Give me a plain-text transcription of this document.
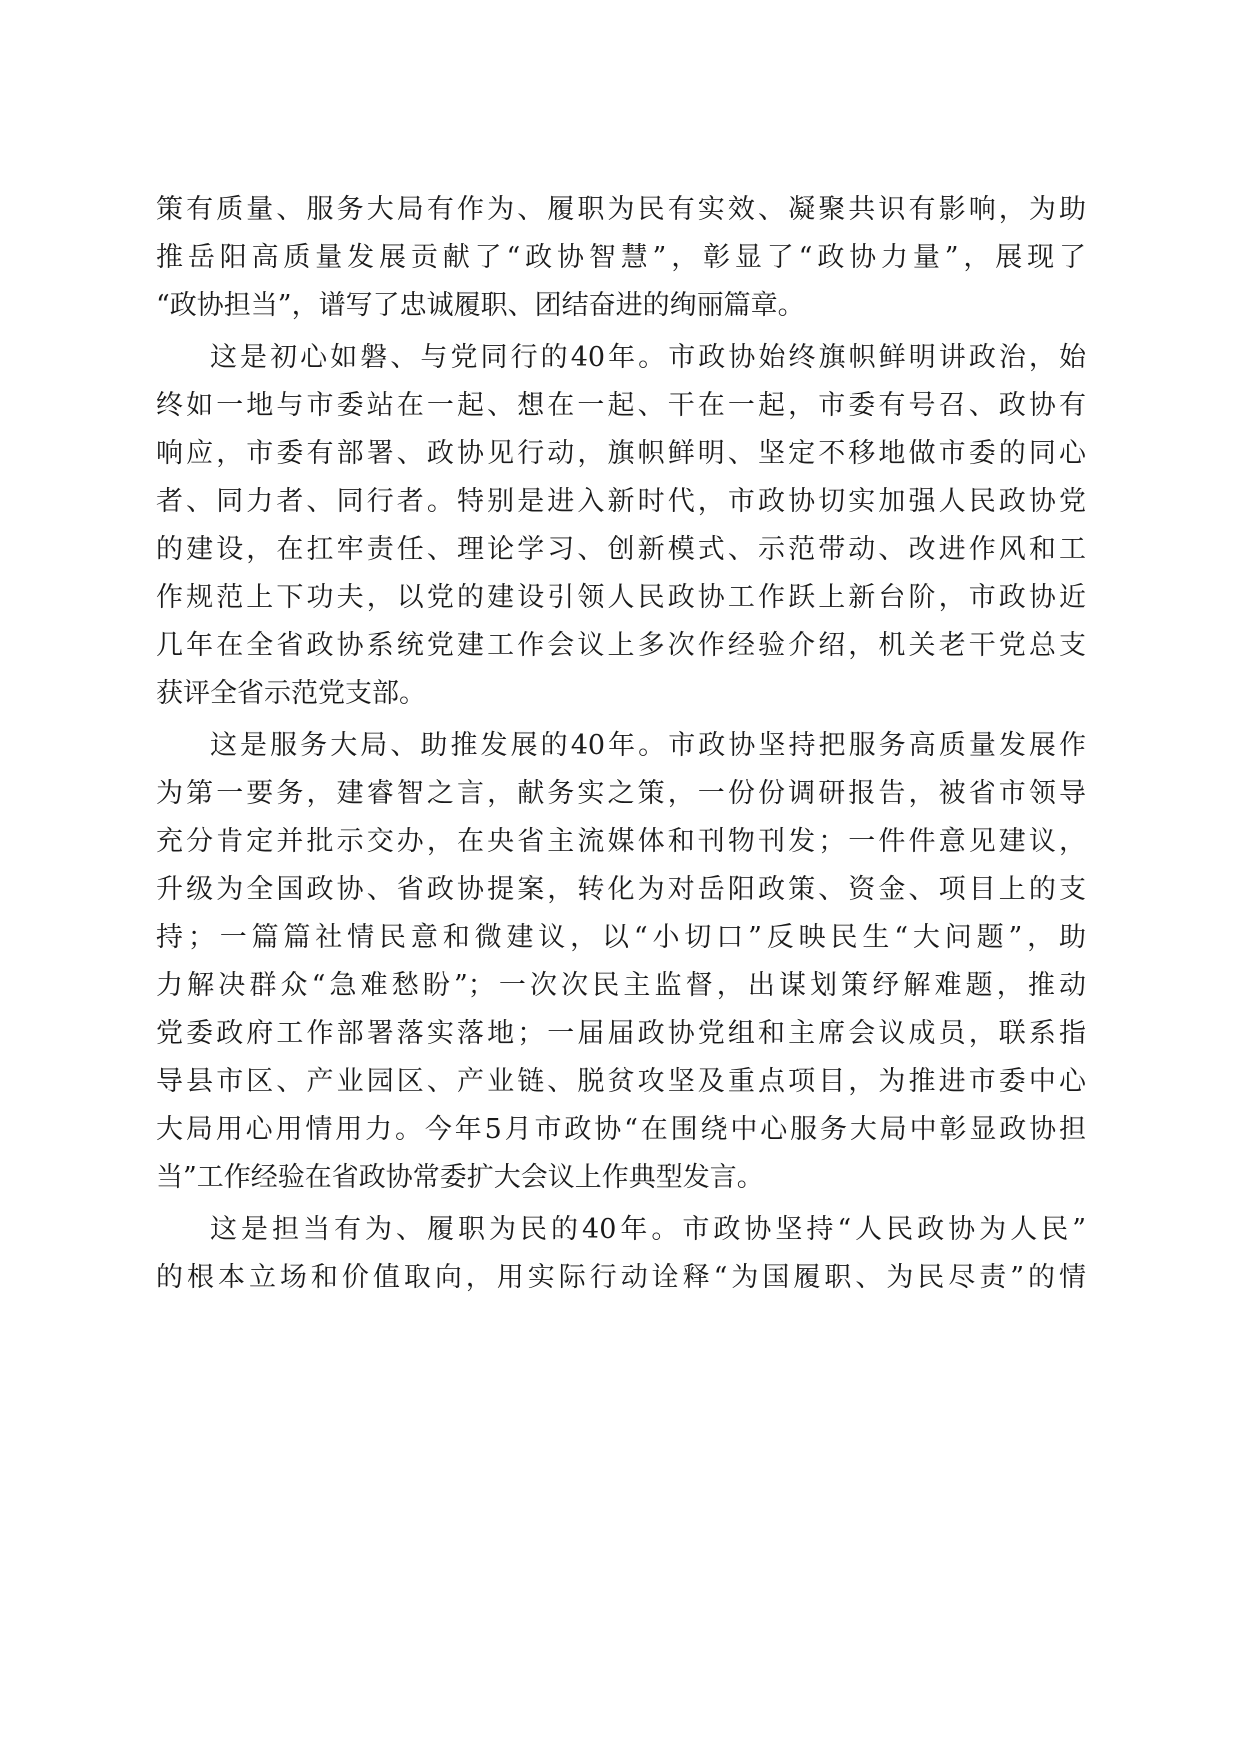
策有质量、服务大局有作为、履职为民有实效、凝聚共识有影响，为助
推岳阳高质量发展贡献了“政协智慧”，彰显了“政协力量”，展现了
“政协担当”，谱写了忠诚履职、团结奋进的绚丽篇章。
这是初心如磐、与党同行的40年。市政协始终旗帜鲜明讲政治，始
终如一地与市委站在一起、想在一起、干在一起，市委有号召、政协有
响应，市委有部署、政协见行动，旗帜鲜明、坚定不移地做市委的同心
者、同力者、同行者。特别是进入新时代，市政协切实加强人民政协党
的建设，在扛牢责任、理论学习、创新模式、示范带动、改进作风和工
作规范上下功夫，以党的建设引领人民政协工作跃上新台阶，市政协近
几年在全省政协系统党建工作会议上多次作经验介绍，机关老干党总支
获评全省示范党支部。
这是服务大局、助推发展的40年。市政协坚持把服务高质量发展作
为第一要务，建睿智之言，献务实之策，一份份调研报告，被省市领导
充分肯定并批示交办，在央省主流媒体和刊物刊发；一件件意见建议，
升级为全国政协、省政协提案，转化为对岳阳政策、资金、项目上的支
持；一篇篇社情民意和微建议，以“小切口”反映民生“大问题”，助
力解决群众“急难愁盼”；一次次民主监督，出谋划策纾解难题，推动
党委政府工作部署落实落地；一届届政协党组和主席会议成员，联系指
导县市区、产业园区、产业链、脱贫攻坚及重点项目，为推进市委中心
大局用心用情用力。今年5月市政协“在围绕中心服务大局中彰显政协担
当”工作经验在省政协常委扩大会议上作典型发言。
这是担当有为、履职为民的40年。市政协坚持“人民政协为人民”
的根本立场和价值取向，用实际行动诠释“为国履职、为民尽责”的情
